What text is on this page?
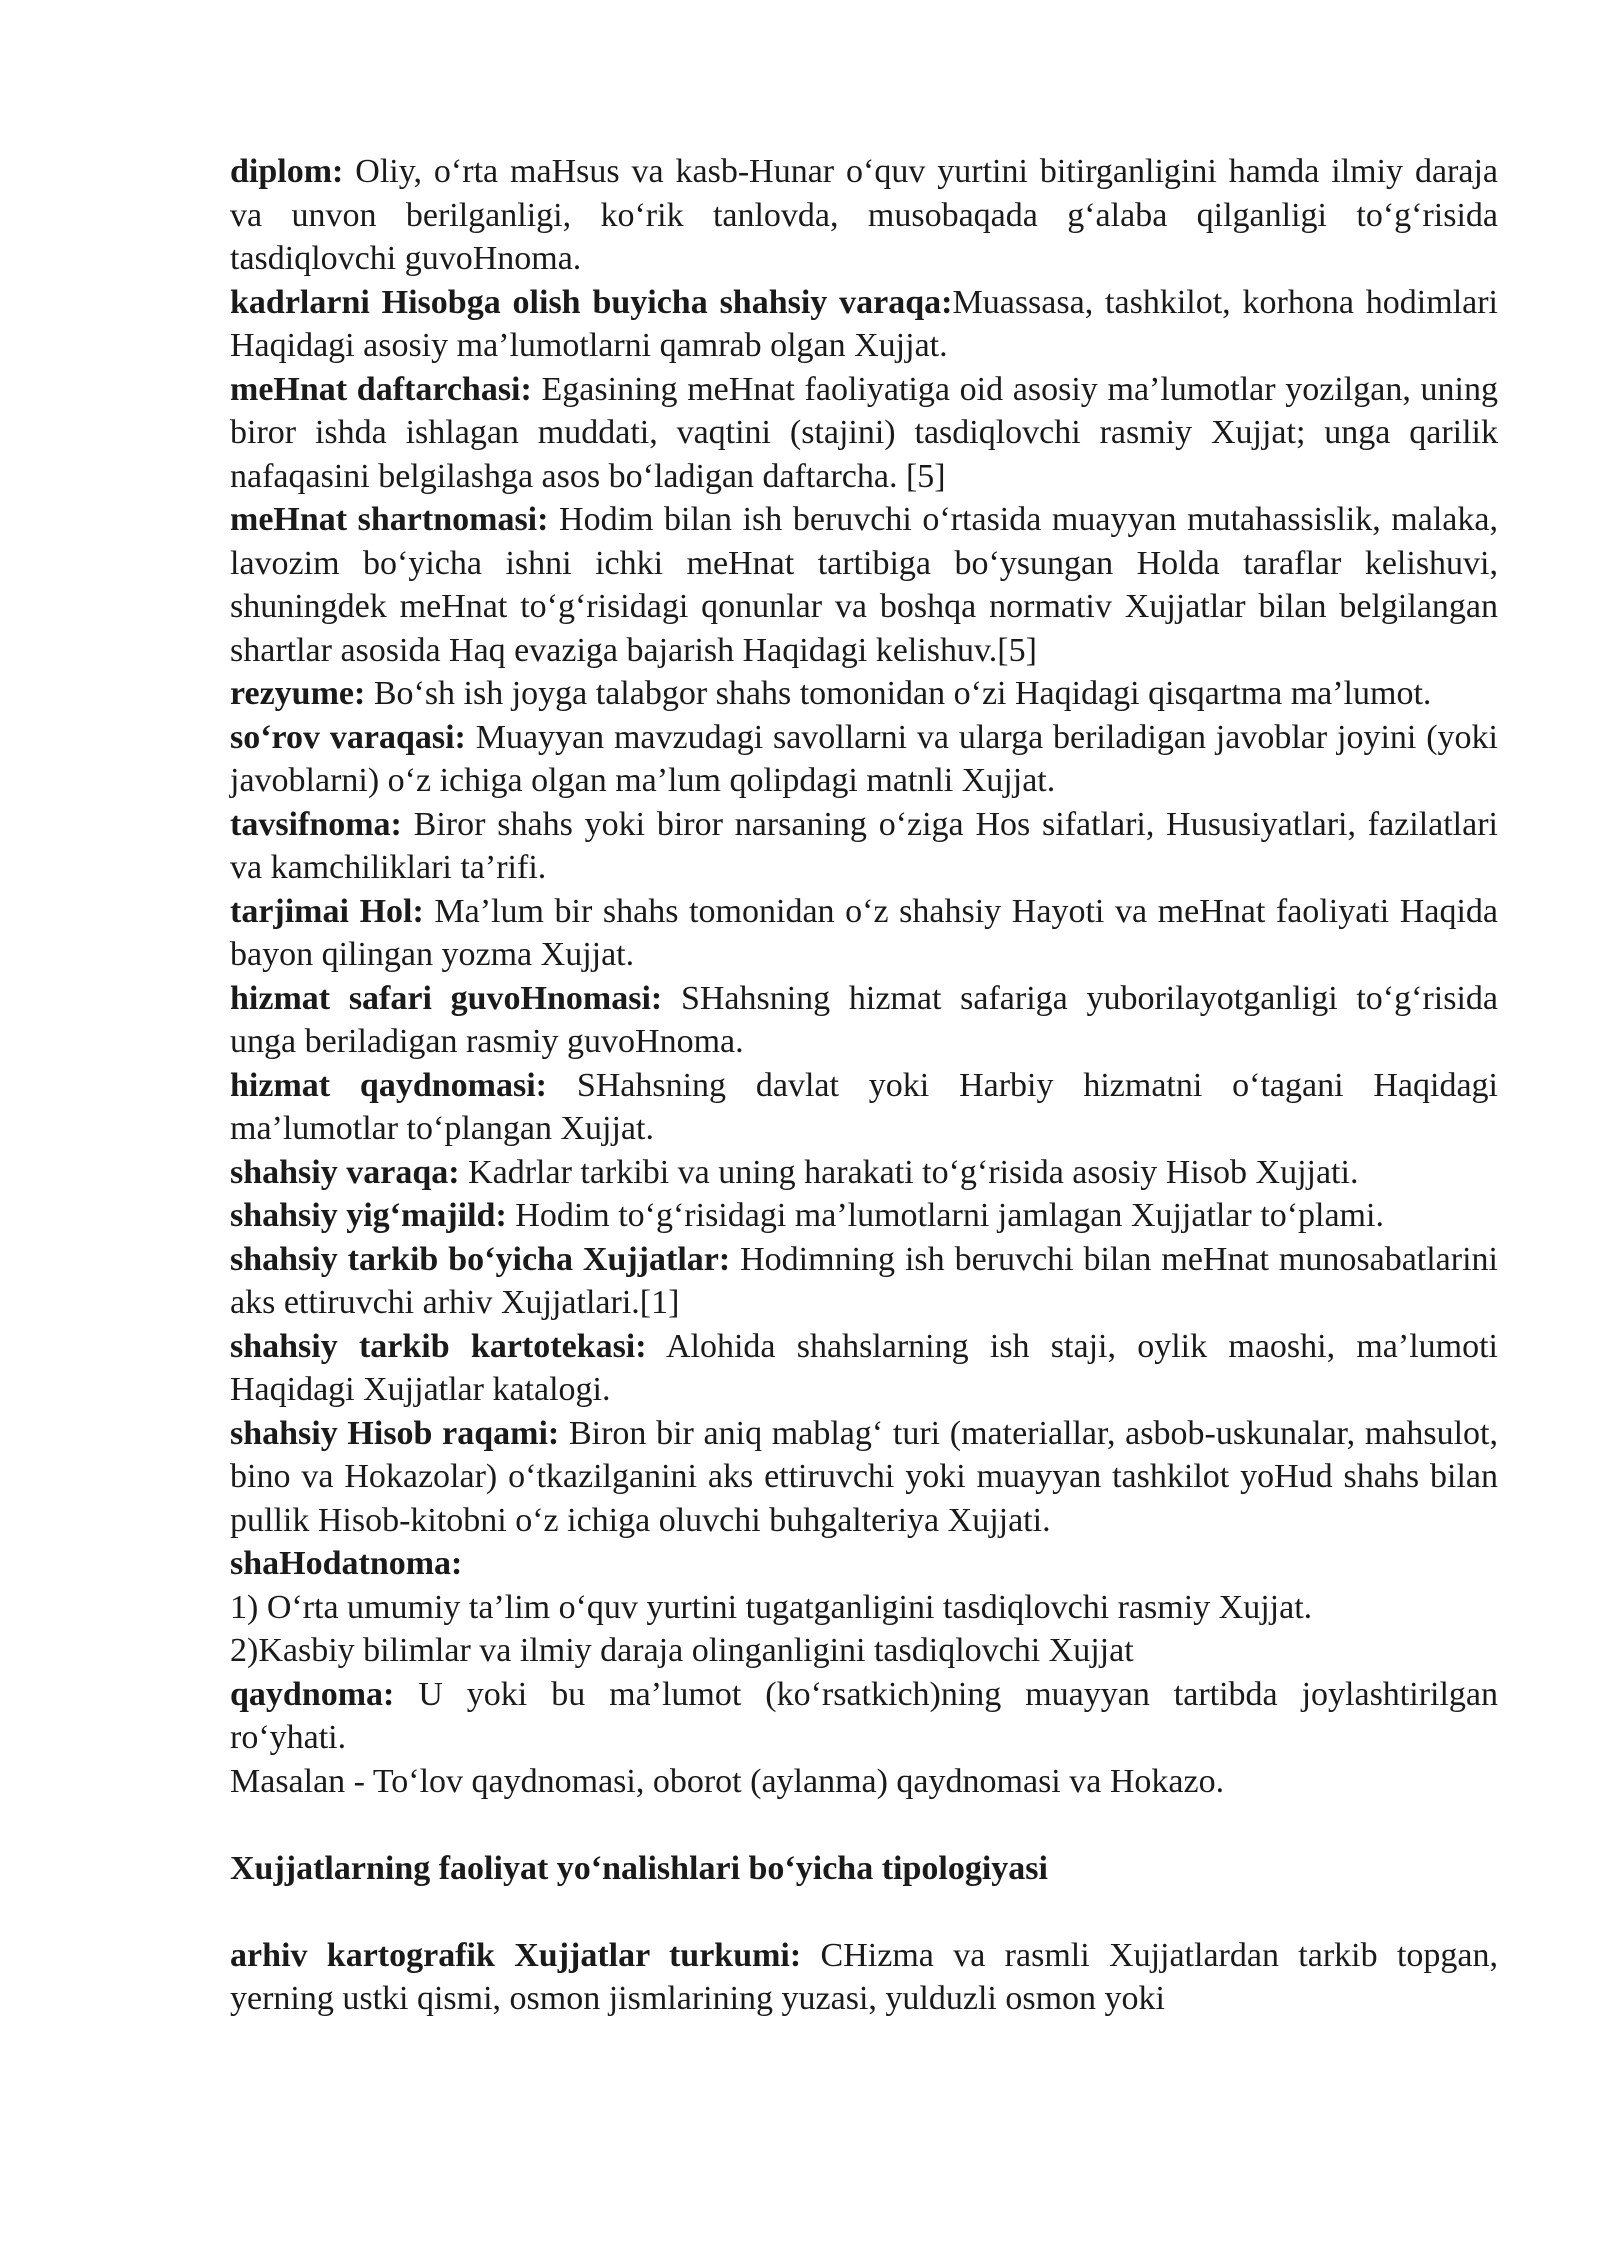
diplom: Oliy, o‘rta maHsus va kasb-Hunar o‘quv yurtini bitirganligini hamda ilmiy daraja va unvon berilganligi, ko‘rik tanlovda, musobaqada g‘alaba qilganligi to‘g‘risida tasdiqlovchi guvoHnoma.

kadrlarni Hisobga olish buyicha shahsiy varaqa:Muassasa, tashkilot, korhona hodimlari Haqidagi asosiy ma’lumotlarni qamrab olgan Xujjat.

meHnat daftarchasi: Egasining meHnat faoliyatiga oid asosiy ma’lumotlar yozilgan, uning biror ishda ishlagan muddati, vaqtini (stajini) tasdiqlovchi rasmiy Xujjat; unga qarilik nafaqasini belgilashga asos bo‘ladigan daftarcha. [5]

meHnat shartnomasi: Hodim bilan ish beruvchi o‘rtasida muayyan mutahassislik, malaka, lavozim bo‘yicha ishni ichki meHnat tartibiga bo‘ysungan Holda taraflar kelishuvi, shuningdek meHnat to‘g‘risidagi qonunlar va boshqa normativ Xujjatlar bilan belgilangan shartlar asosida Haq evaziga bajarish Haqidagi kelishuv.[5]

rezyume: Bo‘sh ish joyga talabgor shahs tomonidan o‘zi Haqidagi qisqartma ma’lumot.

so‘rov varaqasi: Muayyan mavzudagi savollarni va ularga beriladigan javoblar joyini (yoki javoblarni) o‘z ichiga olgan ma’lum qolipdagi matnli Xujjat.

tavsifnoma: Biror shahs yoki biror narsaning o‘ziga Hos sifatlari, Hususiyatlari, fazilatlari va kamchiliklari ta’rifi.

tarjimai Hol: Ma’lum bir shahs tomonidan o‘z shahsiy Hayoti va meHnat faoliyati Haqida bayon qilingan yozma Xujjat.

hizmat safari guvoHnomasi: SHahsning hizmat safariga yuborilayotganligi to‘g‘risida unga beriladigan rasmiy guvoHnoma.

hizmat qaydnomasi: SHahsning davlat yoki Harbiy hizmatni o‘tagani Haqidagi ma’lumotlar to‘plangan Xujjat.

shahsiy varaqa: Kadrlar tarkibi va uning harakati to‘g‘risida asosiy Hisob Xujjati.

shahsiy yig‘majild: Hodim to‘g‘risidagi ma’lumotlarni jamlagan Xujjatlar to‘plami.

shahsiy tarkib bo‘yicha Xujjatlar: Hodimning ish beruvchi bilan meHnat munosabatlarini aks ettiruvchi arhiv Xujjatlari.[1]

shahsiy tarkib kartotekasi: Alohida shahslarning ish staji, oylik maoshi, ma’lumoti Haqidagi Xujjatlar katalogi.

shahsiy Hisob raqami: Biron bir aniq mablag‘ turi (materiallar, asbob-uskunalar, mahsulot, bino va Hokazolar) o‘tkazilganini aks ettiruvchi yoki muayyan tashkilot yoHud shahs bilan pullik Hisob-kitobni o‘z ichiga oluvchi buhgalteriya Xujjati.

shaHodatnoma:

1) O‘rta umumiy ta’lim o‘quv yurtini tugatganligini tasdiqlovchi rasmiy Xujjat.
2)Kasbiy bilimlar va ilmiy daraja olinganligini tasdiqlovchi Xujjat

qaydnoma: U yoki bu ma’lumot (ko‘rsatkich)ning muayyan tartibda joylashtirilgan ro‘yhati.

Masalan - To‘lov qaydnomasi, oborot (aylanma) qaydnomasi va Hokazo.
Xujjatlarning faoliyat yo‘nalishlari bo‘yicha tipologiyasi

arhiv kartografik Xujjatlar turkumi: CHizma va rasmli Xujjatlardan tarkib topgan, yerning ustki qismi, osmon jismlarining yuzasi, yulduzli osmon yoki
